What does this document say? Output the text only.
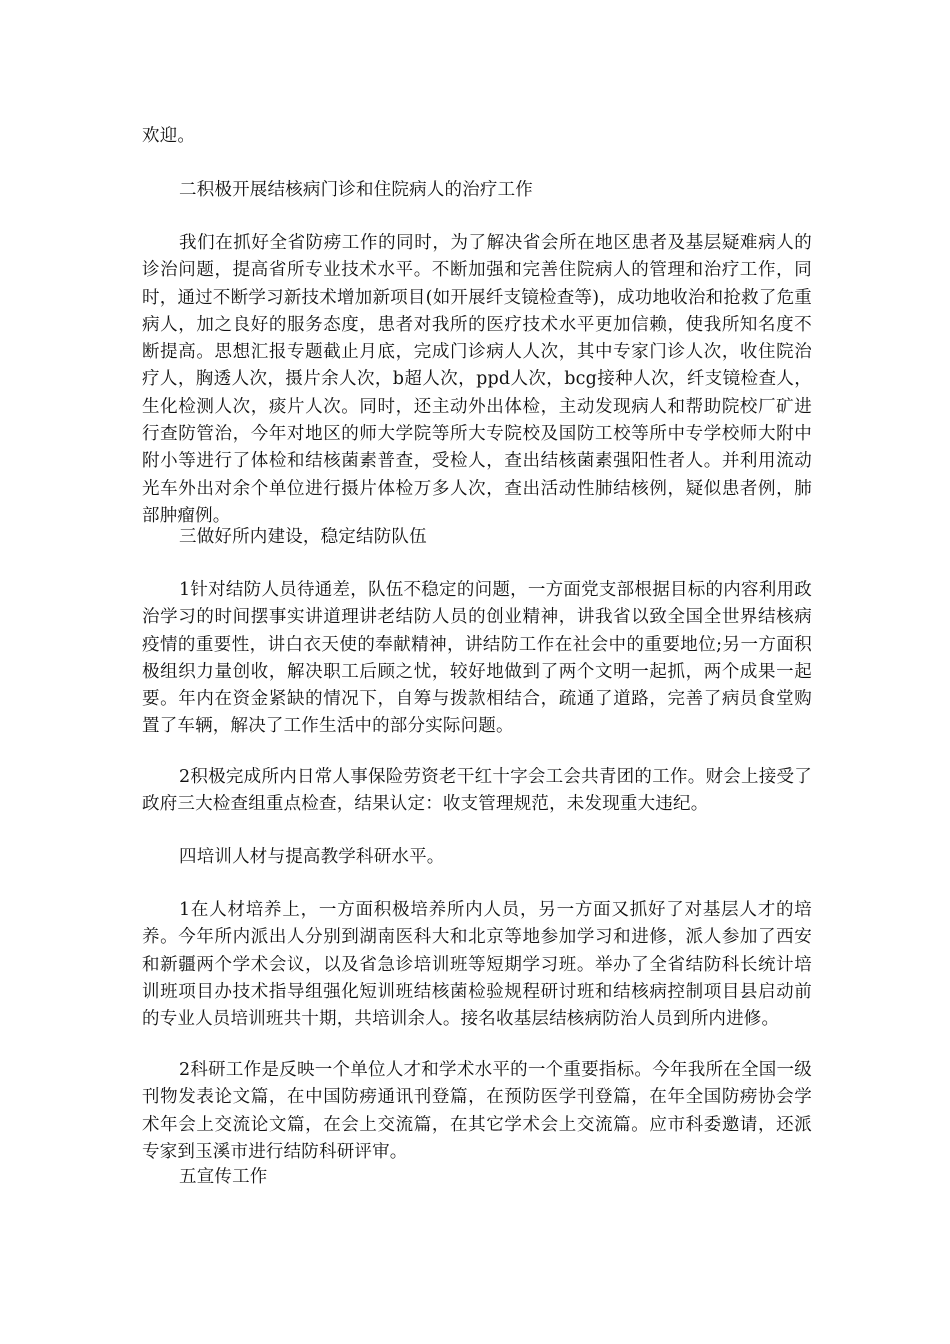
欢迎。
二积极开展结核病门诊和住院病人的治疗工作
我们在抓好全省防痨工作的同时，为了解决省会所在地区患者及基层疑难病人的诊治问题，提高省所专业技术水平。不断加强和完善住院病人的管理和治疗工作，同时，通过不断学习新技术增加新项目(如开展纤支镜检查等)，成功地收治和抢救了危重病人，加之良好的服务态度，患者对我所的医疗技术水平更加信赖，使我所知名度不断提高。思想汇报专题截止月底，完成门诊病人人次，其中专家门诊人次，收住院治疗人，胸透人次，摄片余人次，b超人次，ppd人次，bcg接种人次，纤支镜检查人，生化检测人次，痰片人次。同时，还主动外出体检，主动发现病人和帮助院校厂矿进行查防管治，今年对地区的师大学院等所大专院校及国防工校等所中专学校师大附中附小等进行了体检和结核菌素普查，受检人，查出结核菌素强阳性者人。并利用流动光车外出对余个单位进行摄片体检万多人次，查出活动性肺结核例，疑似患者例，肺部肿瘤例。
三做好所内建设，稳定结防队伍
1针对结防人员待通差，队伍不稳定的问题，一方面党支部根据目标的内容利用政治学习的时间摆事实讲道理讲老结防人员的创业精神，讲我省以致全国全世界结核病疫情的重要性，讲白衣天使的奉献精神，讲结防工作在社会中的重要地位;另一方面积极组织力量创收，解决职工后顾之忧，较好地做到了两个文明一起抓，两个成果一起要。年内在资金紧缺的情况下，自筹与拨款相结合，疏通了道路，完善了病员食堂购置了车辆，解决了工作生活中的部分实际问题。
2积极完成所内日常人事保险劳资老干红十字会工会共青团的工作。财会上接受了政府三大检查组重点检查，结果认定：收支管理规范，未发现重大违纪。
四培训人材与提高教学科研水平。
1在人材培养上，一方面积极培养所内人员，另一方面又抓好了对基层人才的培养。今年所内派出人分别到湖南医科大和北京等地参加学习和进修，派人参加了西安和新疆两个学术会议，以及省急诊培训班等短期学习班。举办了全省结防科长统计培训班项目办技术指导组强化短训班结核菌检验规程研讨班和结核病控制项目县启动前的专业人员培训班共十期，共培训余人。接名收基层结核病防治人员到所内进修。
2科研工作是反映一个单位人才和学术水平的一个重要指标。今年我所在全国一级刊物发表论文篇，在中国防痨通讯刊登篇，在预防医学刊登篇，在年全国防痨协会学术年会上交流论文篇，在会上交流篇，在其它学术会上交流篇。应市科委邀请，还派专家到玉溪市进行结防科研评审。
五宣传工作
